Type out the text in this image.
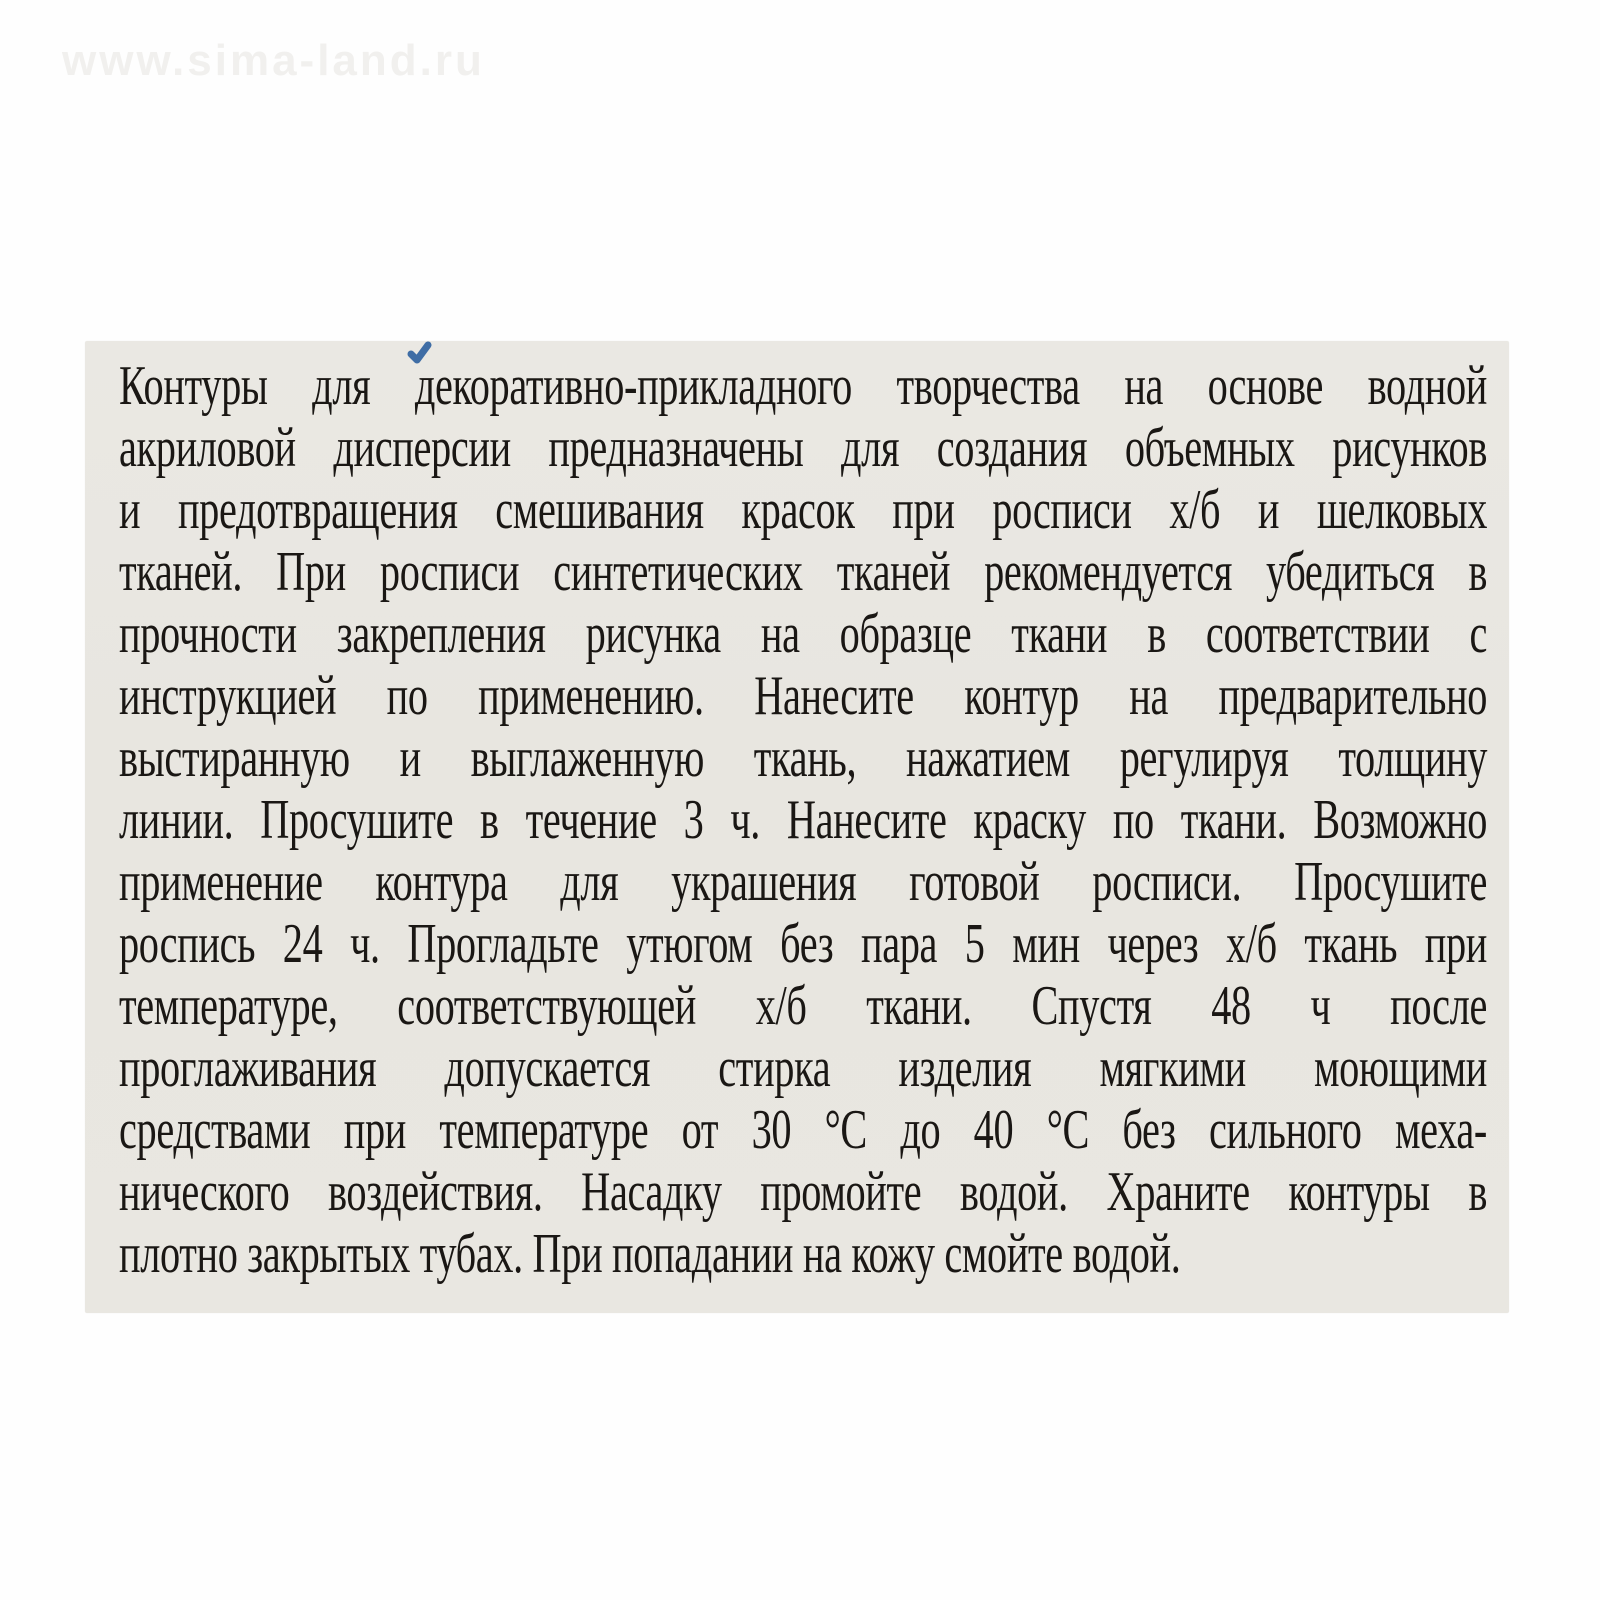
www.sima-land.ru
Контуры для декоративно-прикладного творчества на основе водной
акриловой дисперсии предназначены для создания объемных рисунков
и предотвращения смешивания красок при росписи х/б и шелковых
тканей. При росписи синтетических тканей рекомендуется убедиться в
прочности закрепления рисунка на образце ткани в соответствии с
инструкцией по применению. Нанесите контур на предварительно
выстиранную и выглаженную ткань, нажатием регулируя толщину
линии. Просушите в течение 3 ч. Нанесите краску по ткани. Возможно
применение контура для украшения готовой росписи. Просушите
роспись 24 ч. Прогладьте утюгом без пара 5 мин через х/б ткань при
температуре, соответствующей х/б ткани. Спустя 48 ч после
проглаживания допускается стирка изделия мягкими моющими
средствами при температуре от 30 °С до 40 °С без сильного меха-
нического воздействия. Насадку промойте водой. Храните контуры в
плотно закрытых тубах. При попадании на кожу смойте водой.
